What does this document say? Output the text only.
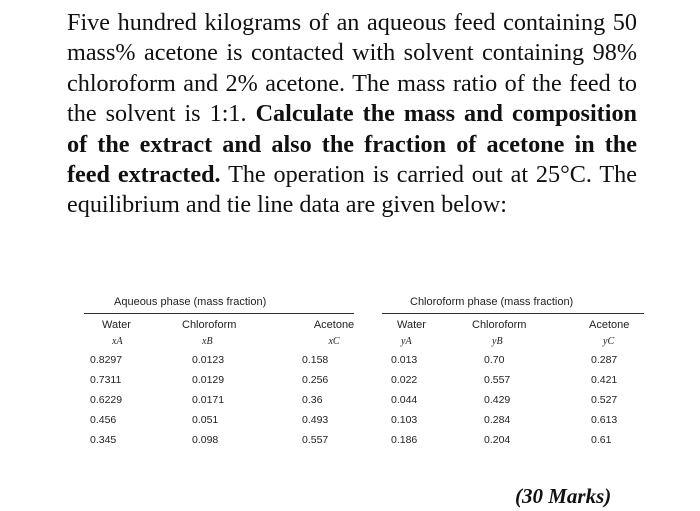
Five hundred kilograms of an aqueous feed containing 50 mass% acetone is contacted with solvent containing 98% chloroform and 2% acetone. The mass ratio of the feed to the solvent is 1:1. Calculate the mass and composition of the extract and also the fraction of acetone in the feed extracted. The operation is carried out at 25°C. The equilibrium and tie line data are given below:
Aqueous phase (mass fraction)	Chloroform phase (mass fraction)
Water
xA
0.8297
0.7311
0.6229
0.456
0.345
Chloroform
xB
0.0123
0.0129
0.0171
0.051
0.098
Acetone
xC
0.158
0.256
0.36
0.493
0.557
Water
yA
0.013
0.022
0.044
0.103
0.186
Chloroform
yB
0.70
0.557
0.429
0.284
0.204
Acetone
yC
0.287
0.421
0.527
0.613
0.61
(30 Marks)
